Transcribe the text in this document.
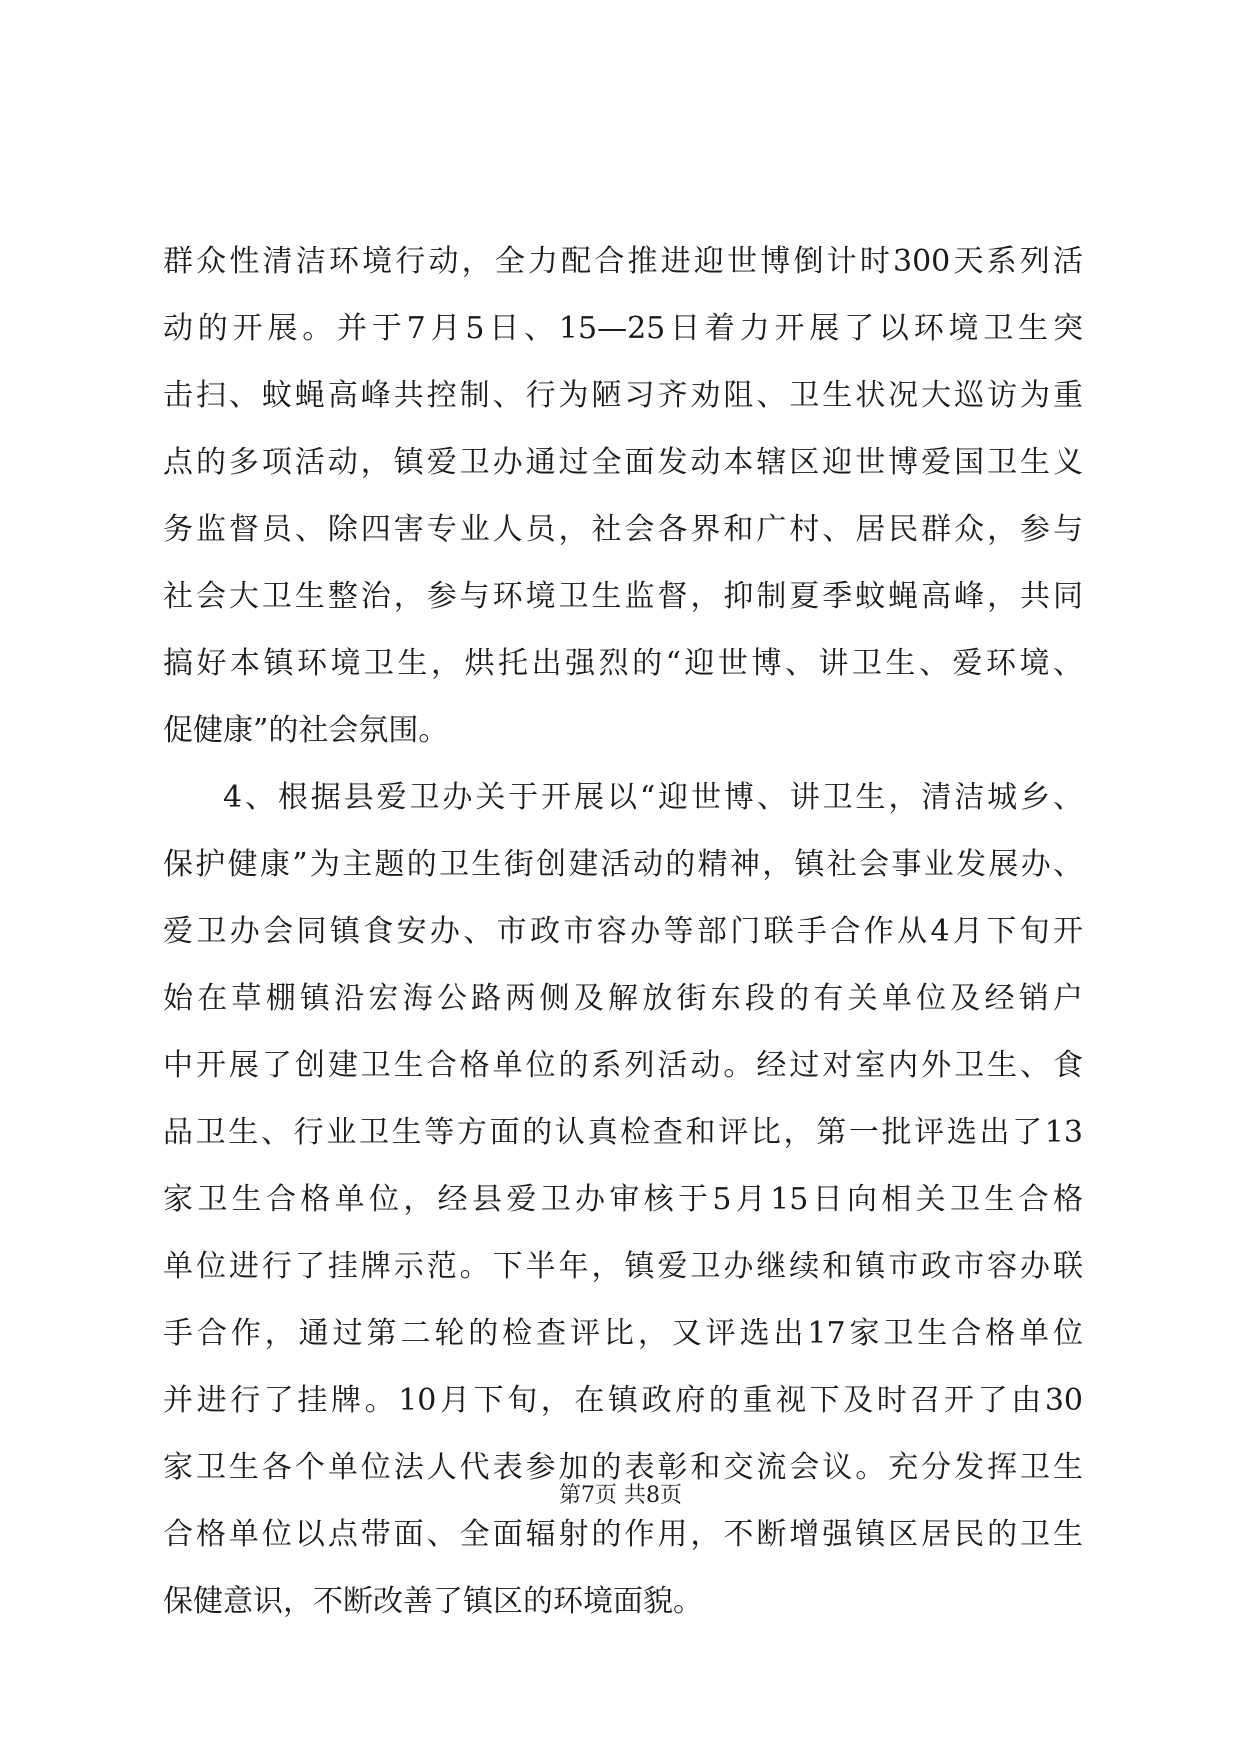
群众性清洁环境行动，全力配合推进迎世博倒计时300天系列活
动的开展。并于7月5日、15—25日着力开展了以环境卫生突
击扫、蚊蝇高峰共控制、行为陋习齐劝阻、卫生状况大巡访为重
点的多项活动，镇爱卫办通过全面发动本辖区迎世博爱国卫生义
务监督员、除四害专业人员，社会各界和广村、居民群众，参与
社会大卫生整治，参与环境卫生监督，抑制夏季蚊蝇高峰，共同
搞好本镇环境卫生，烘托出强烈的“迎世博、讲卫生、爱环境、
促健康”的社会氛围。
4、根据县爱卫办关于开展以“迎世博、讲卫生，清洁城乡、
保护健康”为主题的卫生街创建活动的精神，镇社会事业发展办、
爱卫办会同镇食安办、市政市容办等部门联手合作从4月下旬开
始在草棚镇沿宏海公路两侧及解放街东段的有关单位及经销户
中开展了创建卫生合格单位的系列活动。经过对室内外卫生、食
品卫生、行业卫生等方面的认真检查和评比，第一批评选出了13
家卫生合格单位，经县爱卫办审核于5月15日向相关卫生合格
单位进行了挂牌示范。下半年，镇爱卫办继续和镇市政市容办联
手合作，通过第二轮的检查评比，又评选出17家卫生合格单位
并进行了挂牌。10月下旬，在镇政府的重视下及时召开了由30
家卫生各个单位法人代表参加的表彰和交流会议。充分发挥卫生
合格单位以点带面、全面辐射的作用，不断增强镇区居民的卫生
保健意识，不断改善了镇区的环境面貌。
第7页 共8页
